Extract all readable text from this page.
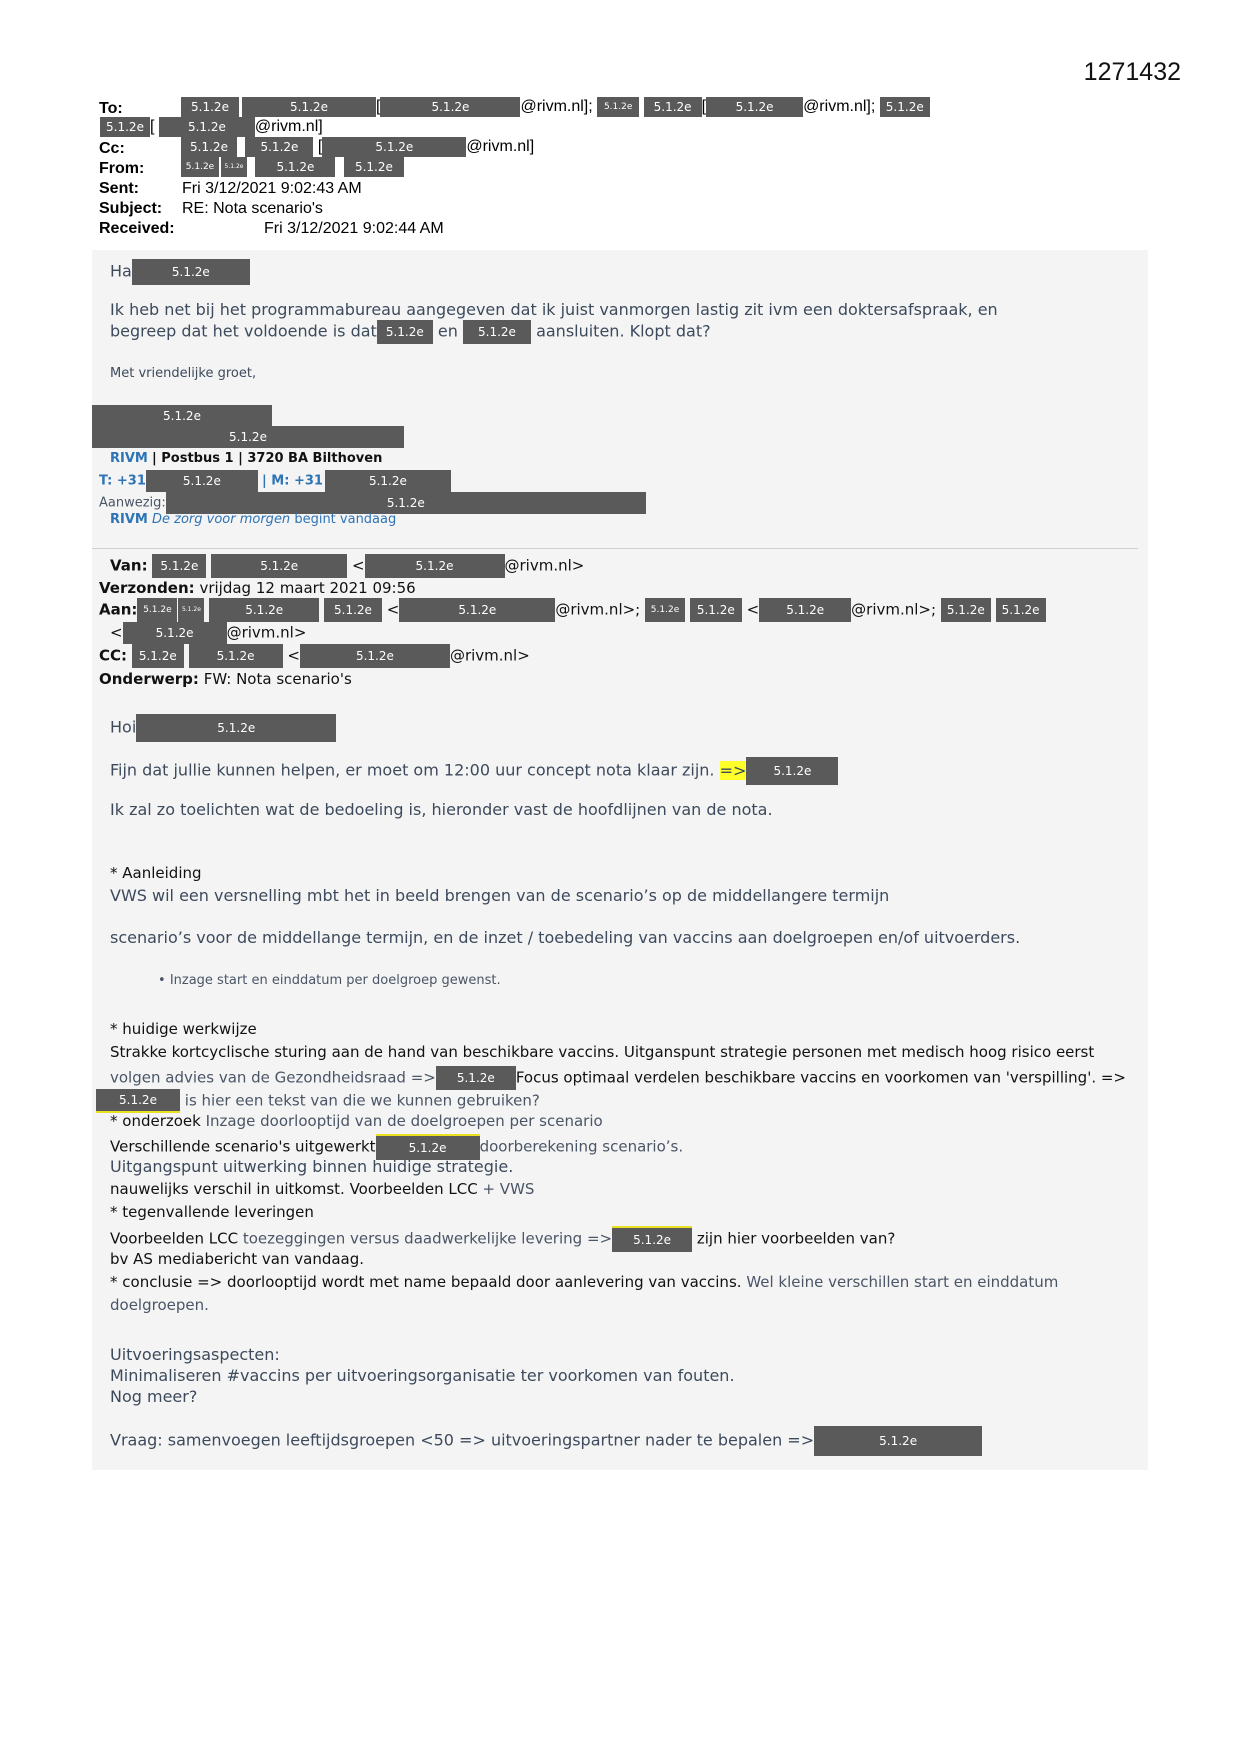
1271432
To:	5.1.2e	5.1.2e	[	5.1.2e	@rivm.nl]; 5.1.2e 5.1.2e [ 5.1.2e @rivm.nl]; 5.1.2e
5.1.2e [	5.1.2e @rivm.nl]
Cc:	5.1.2e	5.1.2e [	5.1.2e	@rivm.nl]
From:	5.1.2e 5.1.2e	5.1.2e	5.1.2e
Sent:	Fri 3/12/2021 9:02:43 AM
Subject: RE: Nota scenario's
Received:	Fri 3/12/2021 9:02:44 AM
Ha	5.1.2e
Ik heb net bij het programmabureau aangegeven dat ik juist vanmorgen lastig zit ivm een doktersafspraak, en
begreep dat het voldoende is dat 5.1.2e en 5.1.2e aansluiten. Klopt dat?
Met vriendelijke groet,
5.1.2e
5.1.2e
RIVM | Postbus 1 | 3720 BA Bilthoven
T: +31	5.1.2e	| M: +31	5.1.2e
Aanwezig:	5.1.2e
RIVM De zorg voor morgen begint vandaag
Van: 5.1.2e	5.1.2e	<	5.1.2e	@rivm.nl>
Verzonden: vrijdag 12 maart 2021 09:56
Aan: 5.1.2e 5.1.2e	5.1.2e	5.1.2e <	5.1.2e	@rivm.nl>; 5.1.2e 5.1.2e < 5.1.2e @rivm.nl>; 5.1.2e 5.1.2e
<	5.1.2e @rivm.nl>
CC: 5.1.2e	5.1.2e <	5.1.2e	@rivm.nl>
Onderwerp: FW: Nota scenario's
Hoi	5.1.2e
Fijn dat jullie kunnen helpen, er moet om 12:00 uur concept nota klaar zijn. => 5.1.2e
Ik zal zo toelichten wat de bedoeling is, hieronder vast de hoofdlijnen van de nota.
* Aanleiding
VWS wil een versnelling mbt het in beeld brengen van de scenario’s op de middellangere termijn
scenario’s voor de middellange termijn, en de inzet / toebedeling van vaccins aan doelgroepen en/of uitvoerders.
• Inzage start en einddatum per doelgroep gewenst.
* huidige werkwijze
Strakke kortcyclische sturing aan de hand van beschikbare vaccins. Uitganspunt strategie personen met medisch hoog risico eerst
volgen advies van de Gezondheidsraad => 5.1.2e Focus optimaal verdelen beschikbare vaccins en voorkomen van 'verspilling'. =>
5.1.2e is hier een tekst van die we kunnen gebruiken?
* onderzoek Inzage doorlooptijd van de doelgroepen per scenario
Verschillende scenario's uitgewerkt	5.1.2e doorberekening scenario’s.
Uitgangspunt uitwerking binnen huidige strategie.
nauwelijks verschil in uitkomst. Voorbeelden LCC + VWS
* tegenvallende leveringen
Voorbeelden LCC toezeggingen versus daadwerkelijke levering => 5.1.2e zijn hier voorbeelden van?
bv AS mediabericht van vandaag.
* conclusie => doorlooptijd wordt met name bepaald door aanlevering van vaccins. Wel kleine verschillen start en einddatum
doelgroepen.
Uitvoeringsaspecten:
Minimaliseren #vaccins per uitvoeringsorganisatie ter voorkomen van fouten.
Nog meer?
Vraag: samenvoegen leeftijdsgroepen <50 => uitvoeringspartner nader te bepalen =>	5.1.2e
